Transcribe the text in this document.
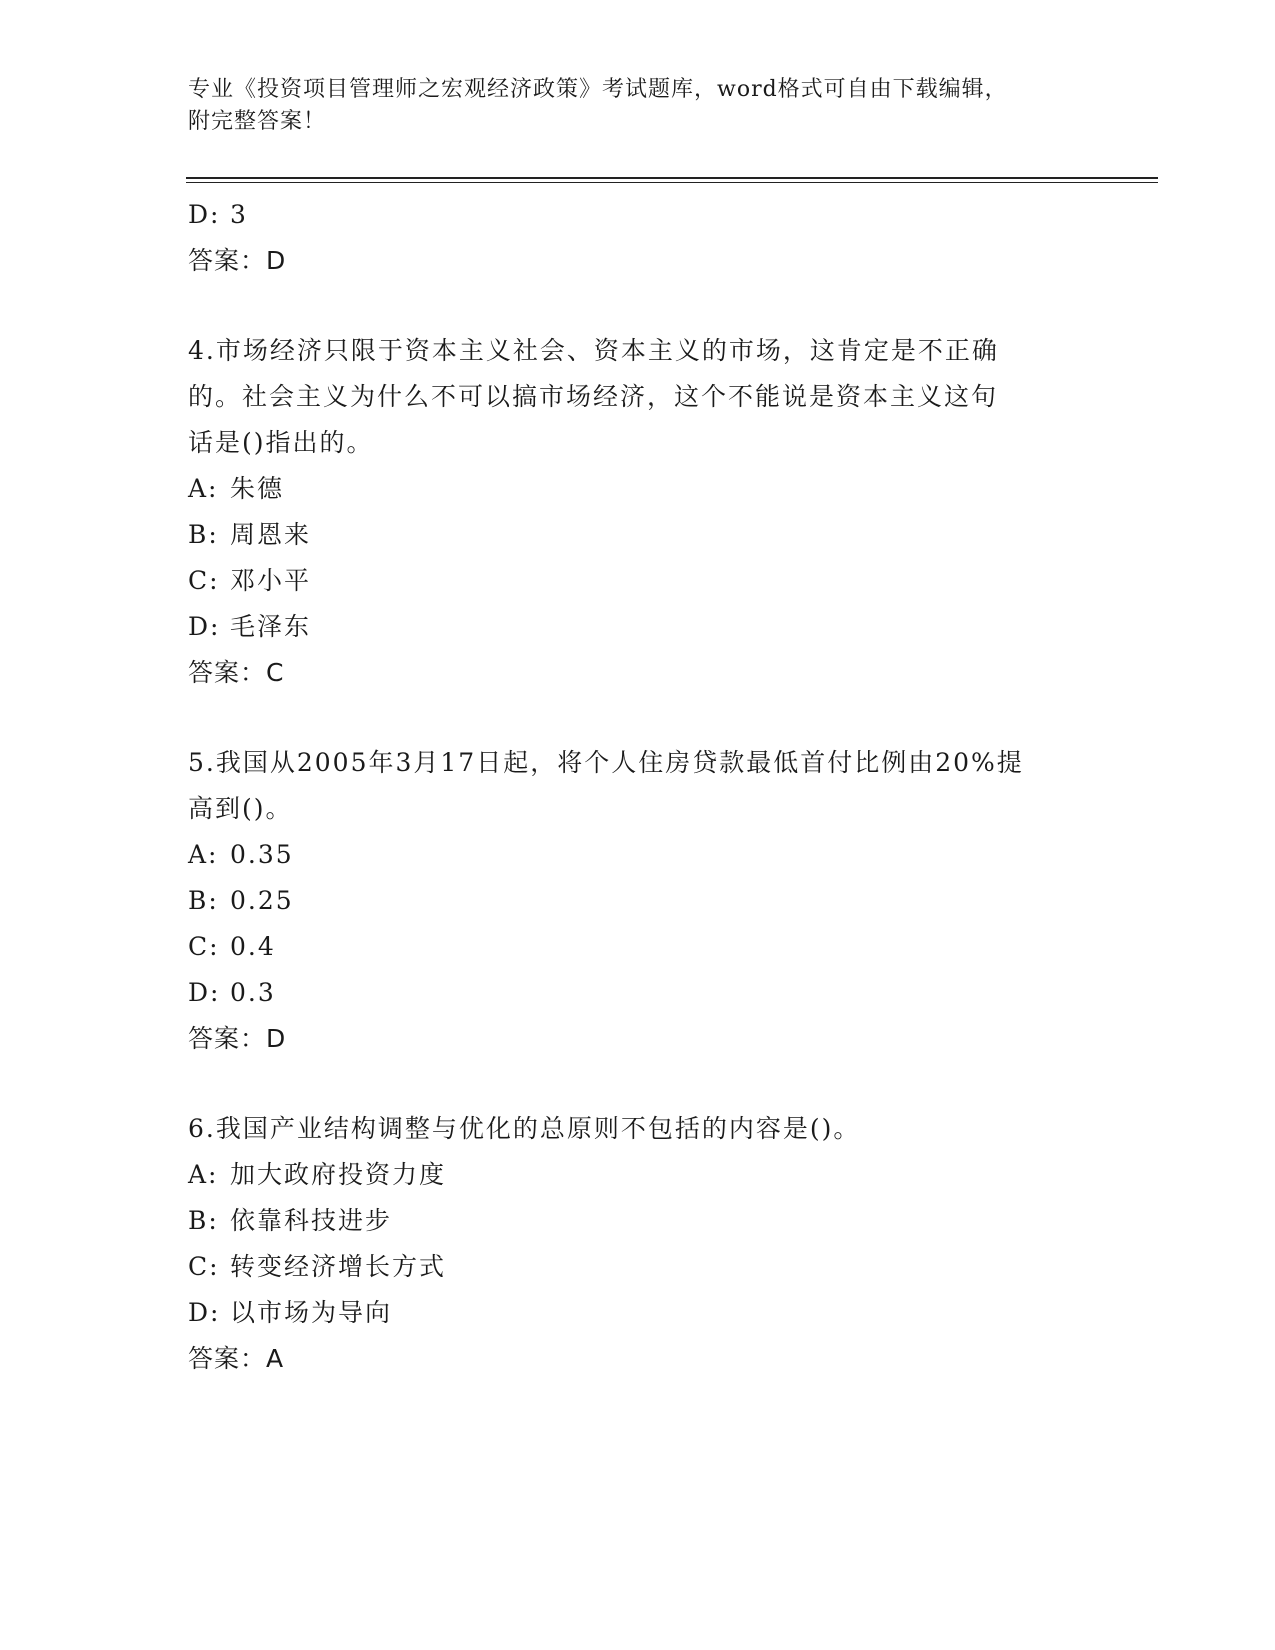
专业《投资项目管理师之宏观经济政策》考试题库，word格式可自由下载编辑，
附完整答案！
D: 3
答案：D
4.市场经济只限于资本主义社会、资本主义的市场，这肯定是不正确
的。社会主义为什么不可以搞市场经济，这个不能说是资本主义这句
话是()指出的。
A: 朱德
B: 周恩来
C: 邓小平
D: 毛泽东
答案：C
5.我国从2005年3月17日起，将个人住房贷款最低首付比例由20%提
高到()。
A: 0.35
B: 0.25
C: 0.4
D: 0.3
答案：D
6.我国产业结构调整与优化的总原则不包括的内容是()。
A: 加大政府投资力度
B: 依靠科技进步
C: 转变经济增长方式
D: 以市场为导向
答案：A
